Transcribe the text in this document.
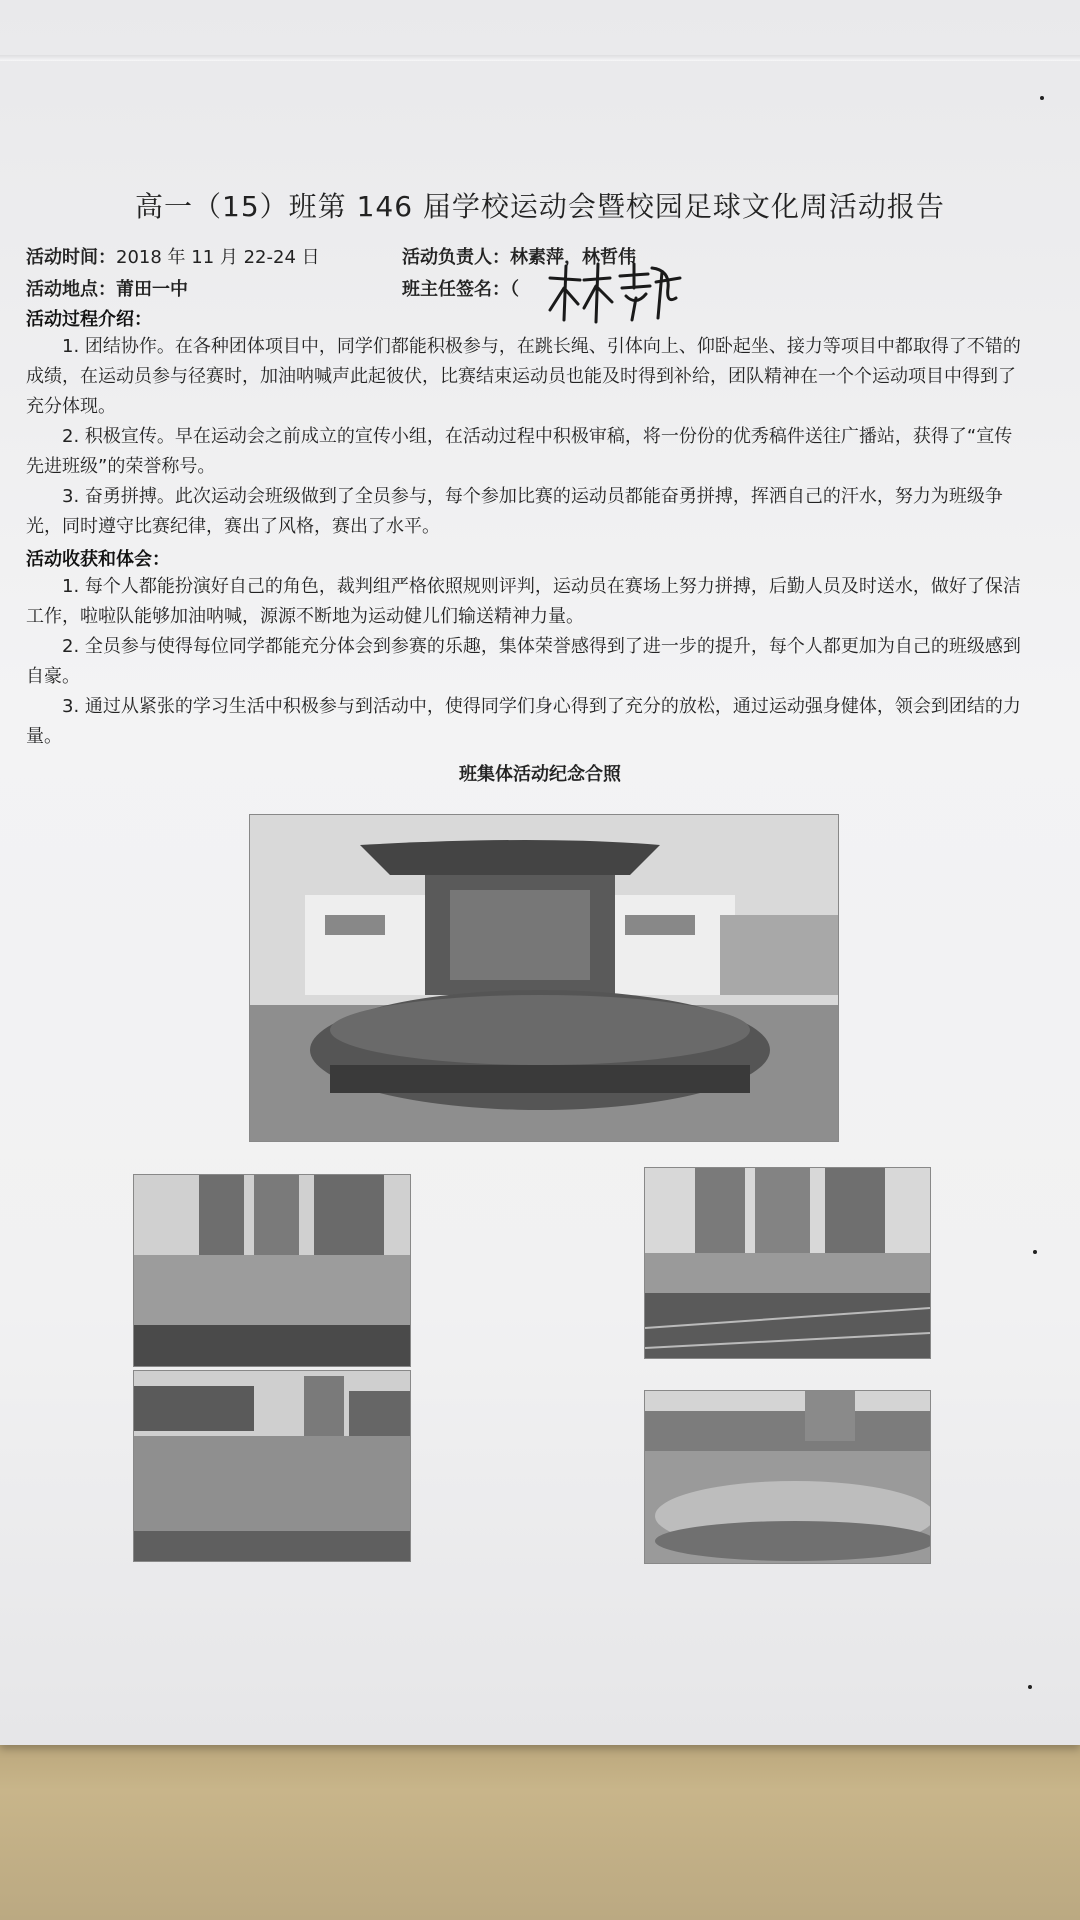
高一（15）班第 146 届学校运动会暨校园足球文化周活动报告
活动时间：2018 年 11 月 22-24 日	活动负责人：林素萍，林哲伟
活动地点：莆田一中	班主任签名：（
活动过程介绍：
1. 团结协作。在各种团体项目中，同学们都能积极参与，在跳长绳、引体向上、仰卧起坐、接力等项目中都取得了不错的成绩，在运动员参与径赛时，加油呐喊声此起彼伏，比赛结束运动员也能及时得到补给，团队精神在一个个运动项目中得到了充分体现。
2. 积极宣传。早在运动会之前成立的宣传小组，在活动过程中积极审稿，将一份份的优秀稿件送往广播站，获得了“宣传先进班级”的荣誉称号。
3. 奋勇拼搏。此次运动会班级做到了全员参与，每个参加比赛的运动员都能奋勇拼搏，挥洒自己的汗水，努力为班级争光，同时遵守比赛纪律，赛出了风格，赛出了水平。
活动收获和体会：
1. 每个人都能扮演好自己的角色，裁判组严格依照规则评判，运动员在赛场上努力拼搏，后勤人员及时送水，做好了保洁工作，啦啦队能够加油呐喊，源源不断地为运动健儿们输送精神力量。
2. 全员参与使得每位同学都能充分体会到参赛的乐趣，集体荣誉感得到了进一步的提升，每个人都更加为自己的班级感到自豪。
3. 通过从紧张的学习生活中积极参与到活动中，使得同学们身心得到了充分的放松，通过运动强身健体，领会到团结的力量。
班集体活动纪念合照
